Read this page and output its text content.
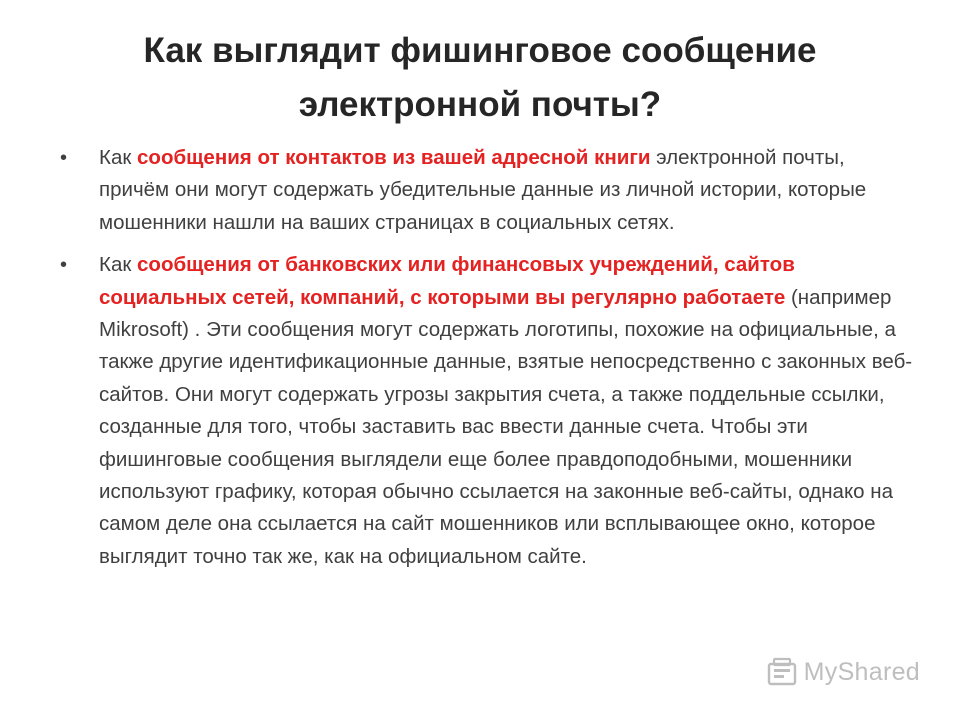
Как выглядит фишинговое сообщение
электронной почты?
• Как сообщения от контактов из вашей адресной книги электронной почты, причём они могут содержать убедительные данные из личной истории, которые мошенники нашли на ваших страницах в социальных сетях.
• Как сообщения от банковских или финансовых учреждений, сайтов социальных сетей, компаний, с которыми вы регулярно работаете (например Mikrosoft) . Эти сообщения могут содержать логотипы, похожие на официальные, а также другие идентификационные данные, взятые непосредственно с законных веб-сайтов. Они могут содержать угрозы закрытия счета, а также поддельные ссылки, созданные для того, чтобы заставить вас ввести данные счета. Чтобы эти фишинговые сообщения выглядели еще более правдоподобными, мошенники используют графику, которая обычно ссылается на законные веб-сайты, однако на самом деле она ссылается на сайт мошенников или всплывающее окно, которое выглядит точно так же, как на официальном сайте.
MyShared
